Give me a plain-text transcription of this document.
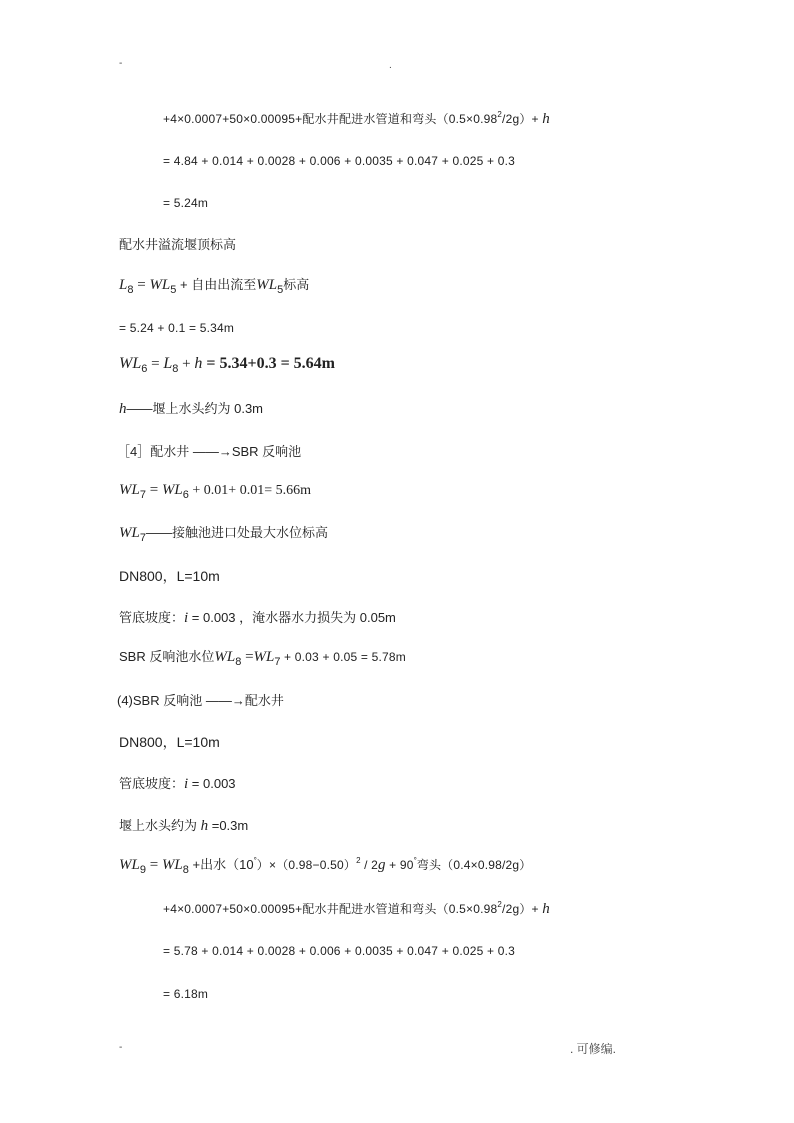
-	.
+4×0.0007+50×0.00095+配水井配进水管道和弯头$(0.5\times 0.98^2/2g)+ h$
= 4.84 + 0.014 + 0.0028 + 0.006 + 0.0035 + 0.047 + 0.025 + 0.3
= 5.24m
配水井溢流堰顶标高
$L_8 = WL_5$ + 自由出流至$WL_5$标高
= 5.24 + 0.1 = 5.34m
$WL_6 = L_8 + h = 5.34+0.3 = 5.64m$
h——堰上水头约为 0.3m
［4］配水井 ——→SBR 反响池
$WL_7 = WL_6 + 0.01+ 0.01= 5.66m$
$WL_7——$接触池进口处最大水位标高
DN800，L=10m
管底坡度：i = 0.003 ，淹水器水力损失为 0.05m
SBR 反响池水位$WL_8 =WL_7 + 0.03 + 0.05 = 5.78m$
(4)SBR 反响池 ——→配水井
DN800，L=10m
管底坡度：i = 0.003
堰上水头约为 h =0.3m
$WL_9 = WL_8$ +出水$(10^\circ)\times(0.98-0.50)^2 / 2g + 90^\circ$弯头（0.4×0.98/2g）
+4×0.0007+50×0.00095+配水井配进水管道和弯头$(0.5\times 0.98^2/2g)+ h$
= 5.78 + 0.014 + 0.0028 + 0.006 + 0.0035 + 0.047 + 0.025 + 0.3
= 6.18m
-	. 可修编.
